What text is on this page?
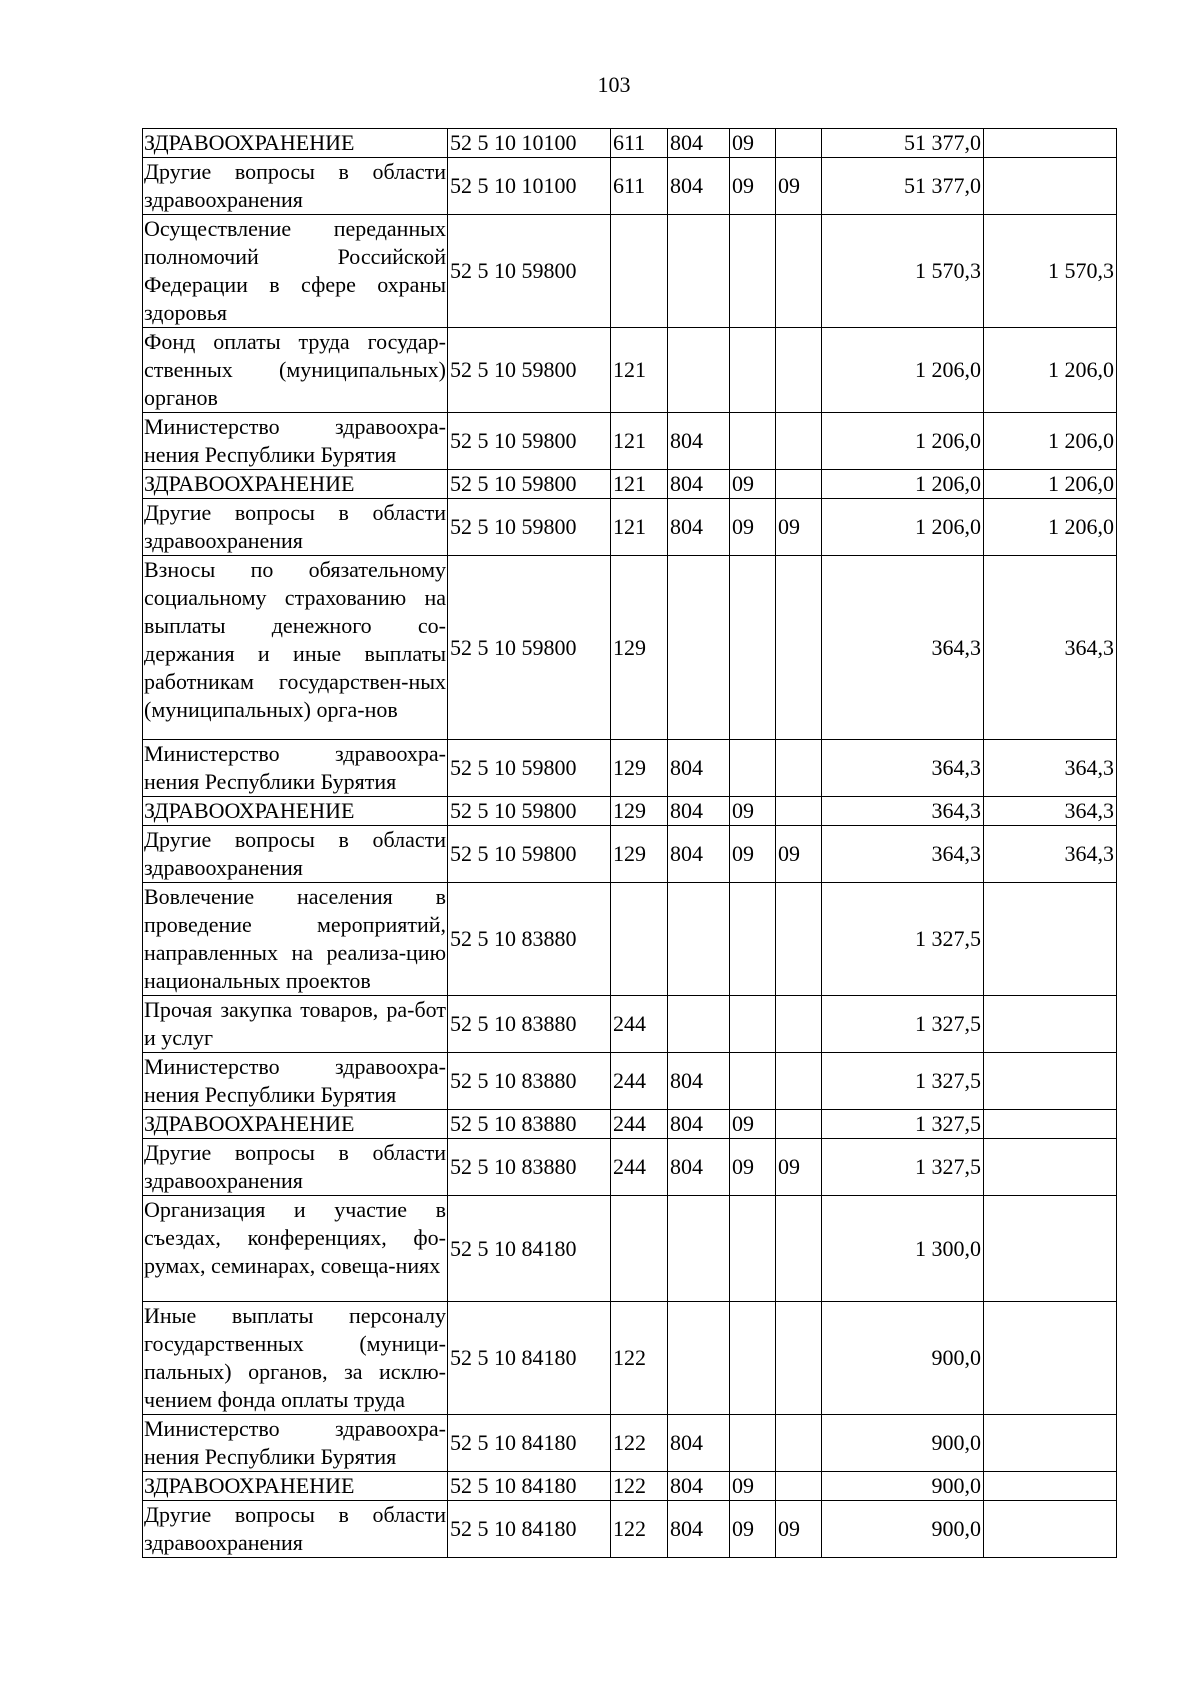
103
ЗДРАВООХРАНЕНИЕ	52 5 10 10100	611	804	09		51 377,0	
Другие вопросы в области здравоохранения	52 5 10 10100	611	804	09	09	51 377,0	
Осуществление переданных полномочий Российской Федерации в сфере охраны здоровья	52 5 10 59800					1 570,3	1 570,3
Фонд оплаты труда государ-ственных (муниципальных) органов	52 5 10 59800	121				1 206,0	1 206,0
Министерство здравоохра-нения Республики Бурятия	52 5 10 59800	121	804			1 206,0	1 206,0
ЗДРАВООХРАНЕНИЕ	52 5 10 59800	121	804	09		1 206,0	1 206,0
Другие вопросы в области здравоохранения	52 5 10 59800	121	804	09	09	1 206,0	1 206,0
Взносы по обязательному социальному страхованию на выплаты денежного со-держания и иные выплаты работникам государствен-ных (муниципальных) орга-нов	52 5 10 59800	129				364,3	364,3
Министерство здравоохра-нения Республики Бурятия	52 5 10 59800	129	804			364,3	364,3
ЗДРАВООХРАНЕНИЕ	52 5 10 59800	129	804	09		364,3	364,3
Другие вопросы в области здравоохранения	52 5 10 59800	129	804	09	09	364,3	364,3
Вовлечение населения в проведение мероприятий, направленных на реализа-цию национальных проектов	52 5 10 83880					1 327,5	
Прочая закупка товаров, ра-бот и услуг	52 5 10 83880	244				1 327,5	
Министерство здравоохра-нения Республики Бурятия	52 5 10 83880	244	804			1 327,5	
ЗДРАВООХРАНЕНИЕ	52 5 10 83880	244	804	09		1 327,5	
Другие вопросы в области здравоохранения	52 5 10 83880	244	804	09	09	1 327,5	
Организация и участие в съездах, конференциях, фо-румах, семинарах, совеща-ниях	52 5 10 84180					1 300,0	
Иные выплаты персоналу государственных (муници-пальных) органов, за исклю-чением фонда оплаты труда	52 5 10 84180	122				900,0	
Министерство здравоохра-нения Республики Бурятия	52 5 10 84180	122	804			900,0	
ЗДРАВООХРАНЕНИЕ	52 5 10 84180	122	804	09		900,0	
Другие вопросы в области здравоохранения	52 5 10 84180	122	804	09	09	900,0	
